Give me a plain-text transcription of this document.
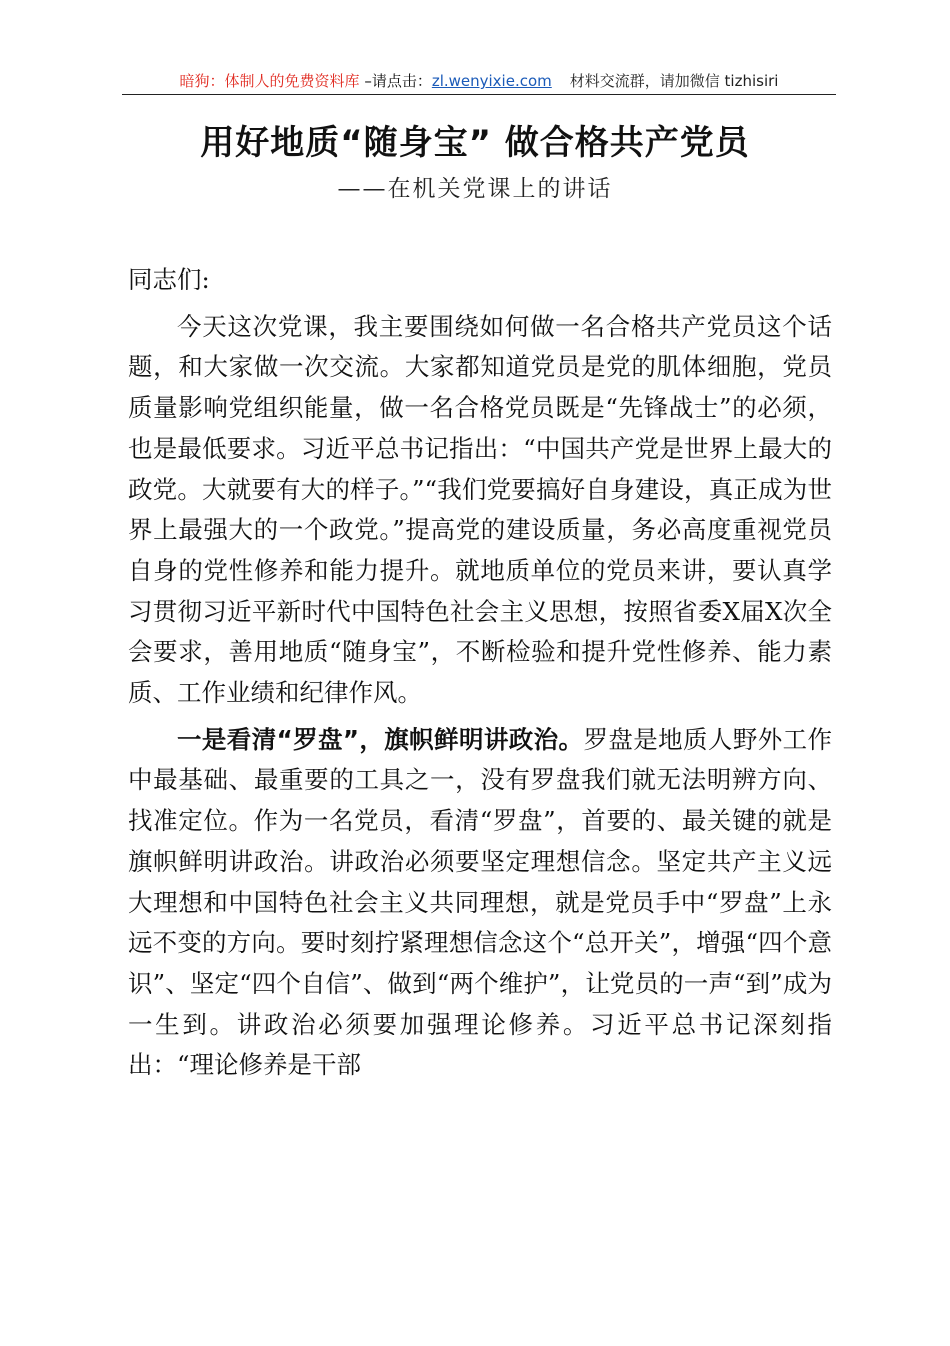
暗狗：体制人的免费资料库 –请点击：zl.wenyixie.com 材料交流群，请加微信 tizhisiri
用好地质“随身宝” 做合格共产党员
——在机关党课上的讲话

同志们:

今天这次党课，我主要围绕如何做一名合格共产党员这个话题，和大家做一次交流。大家都知道党员是党的肌体细胞，党员质量影响党组织能量，做一名合格党员既是“先锋战士”的必须，也是最低要求。习近平总书记指出：“中国共产党是世界上最大的政党。大就要有大的样子。”“我们党要搞好自身建设，真正成为世界上最强大的一个政党。”提高党的建设质量，务必高度重视党员自身的党性修养和能力提升。就地质单位的党员来讲，要认真学习贯彻习近平新时代中国特色社会主义思想，按照省委X届X次全会要求，善用地质“随身宝”，不断检验和提升党性修养、能力素质、工作业绩和纪律作风。

一是看清“罗盘”，旗帜鲜明讲政治。罗盘是地质人野外工作中最基础、最重要的工具之一，没有罗盘我们就无法明辨方向、找准定位。作为一名党员，看清“罗盘”，首要的、最关键的就是旗帜鲜明讲政治。讲政治必须要坚定理想信念。坚定共产主义远大理想和中国特色社会主义共同理想，就是党员手中“罗盘”上永远不变的方向。要时刻拧紧理想信念这个“总开关”，增强“四个意识”、坚定“四个自信”、做到“两个维护”，让党员的一声“到”成为一生到。讲政治必须要加强理论修养。习近平总书记深刻指出：“理论修养是干部
